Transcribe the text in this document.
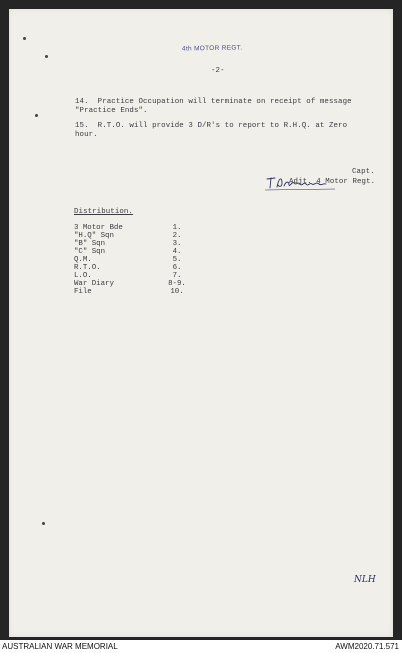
4th MOTOR REGT.
-2-
14.  Practice Occupation will terminate on receipt of message
"Practice Ends".
15.  R.T.O. will provide 3 D/R's to report to R.H.Q. at Zero
hour.
Capt.
Adjt. 4 Motor Regt.
Distribution.
3 Motor Bde	1.
"H.Q" Sqn	2.
"B" Sqn	3.
"C" Sqn	4.
Q.M.	5.
R.T.O.	6.
L.O.	7.
War Diary	8-9.
File	10.
NLH
AUSTRALIAN WAR MEMORIAL	AWM2020.71.571
